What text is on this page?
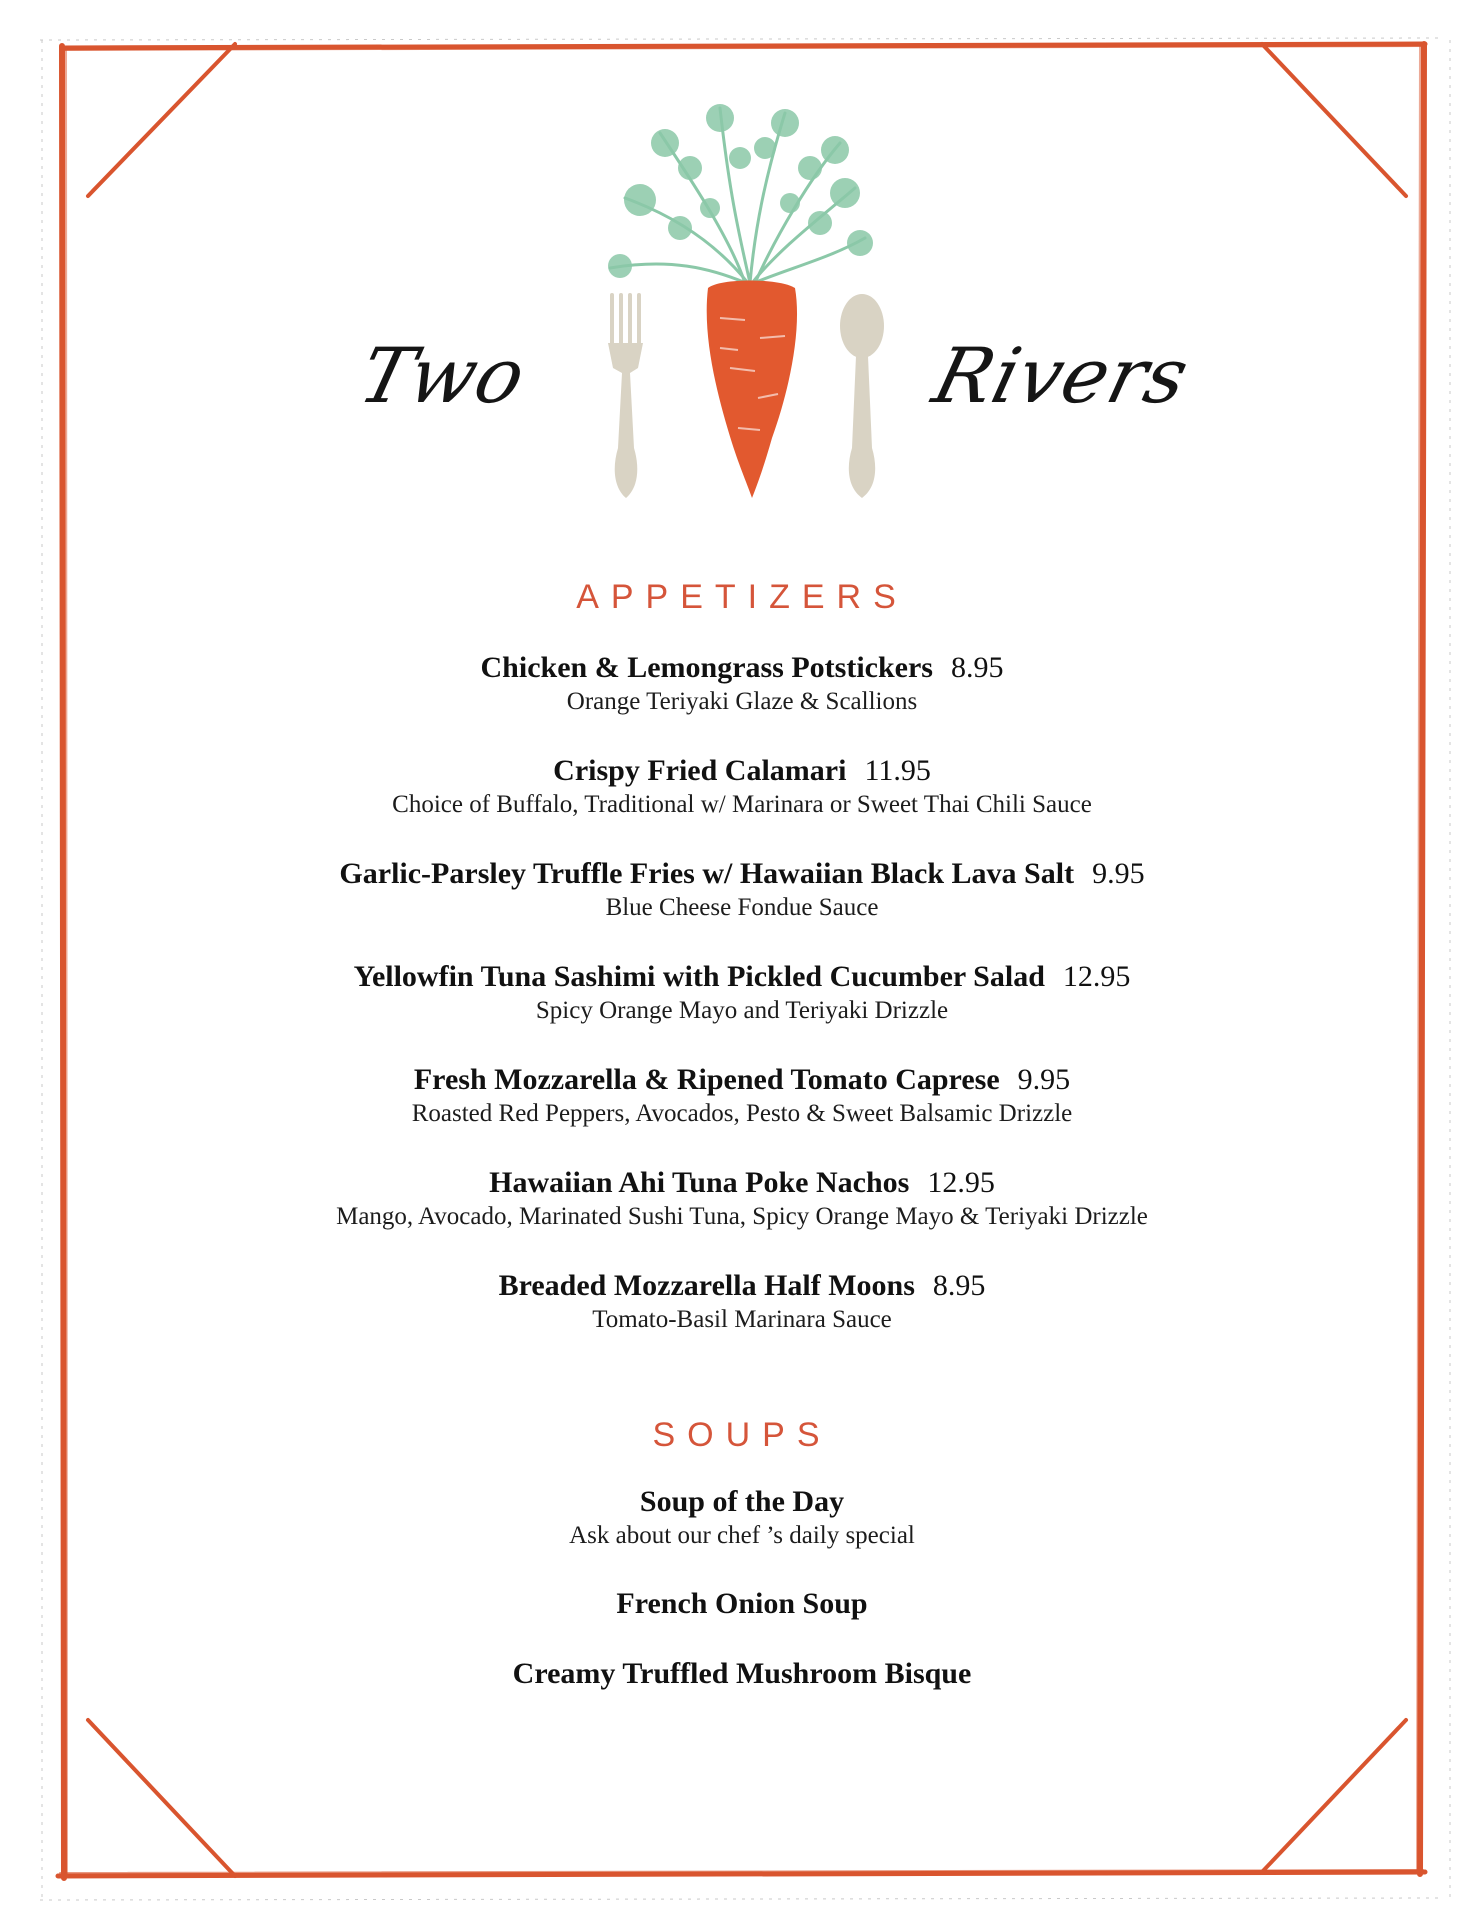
Two	Rivers
APPETIZERS
Chicken & Lemongrass Potstickers 8.95
Orange Teriyaki Glaze & Scallions
Crispy Fried Calamari 11.95
Choice of Buffalo, Traditional w/ Marinara or Sweet Thai Chili Sauce
Garlic-Parsley Truffle Fries w/ Hawaiian Black Lava Salt 9.95
Blue Cheese Fondue Sauce
Yellowfin Tuna Sashimi with Pickled Cucumber Salad 12.95
Spicy Orange Mayo and Teriyaki Drizzle
Fresh Mozzarella & Ripened Tomato Caprese 9.95
Roasted Red Peppers, Avocados, Pesto & Sweet Balsamic Drizzle
Hawaiian Ahi Tuna Poke Nachos 12.95
Mango, Avocado, Marinated Sushi Tuna, Spicy Orange Mayo & Teriyaki Drizzle
Breaded Mozzarella Half Moons 8.95
Tomato-Basil Marinara Sauce
SOUPS
Soup of the Day
Ask about our chef ’s daily special
French Onion Soup
Creamy Truffled Mushroom Bisque
